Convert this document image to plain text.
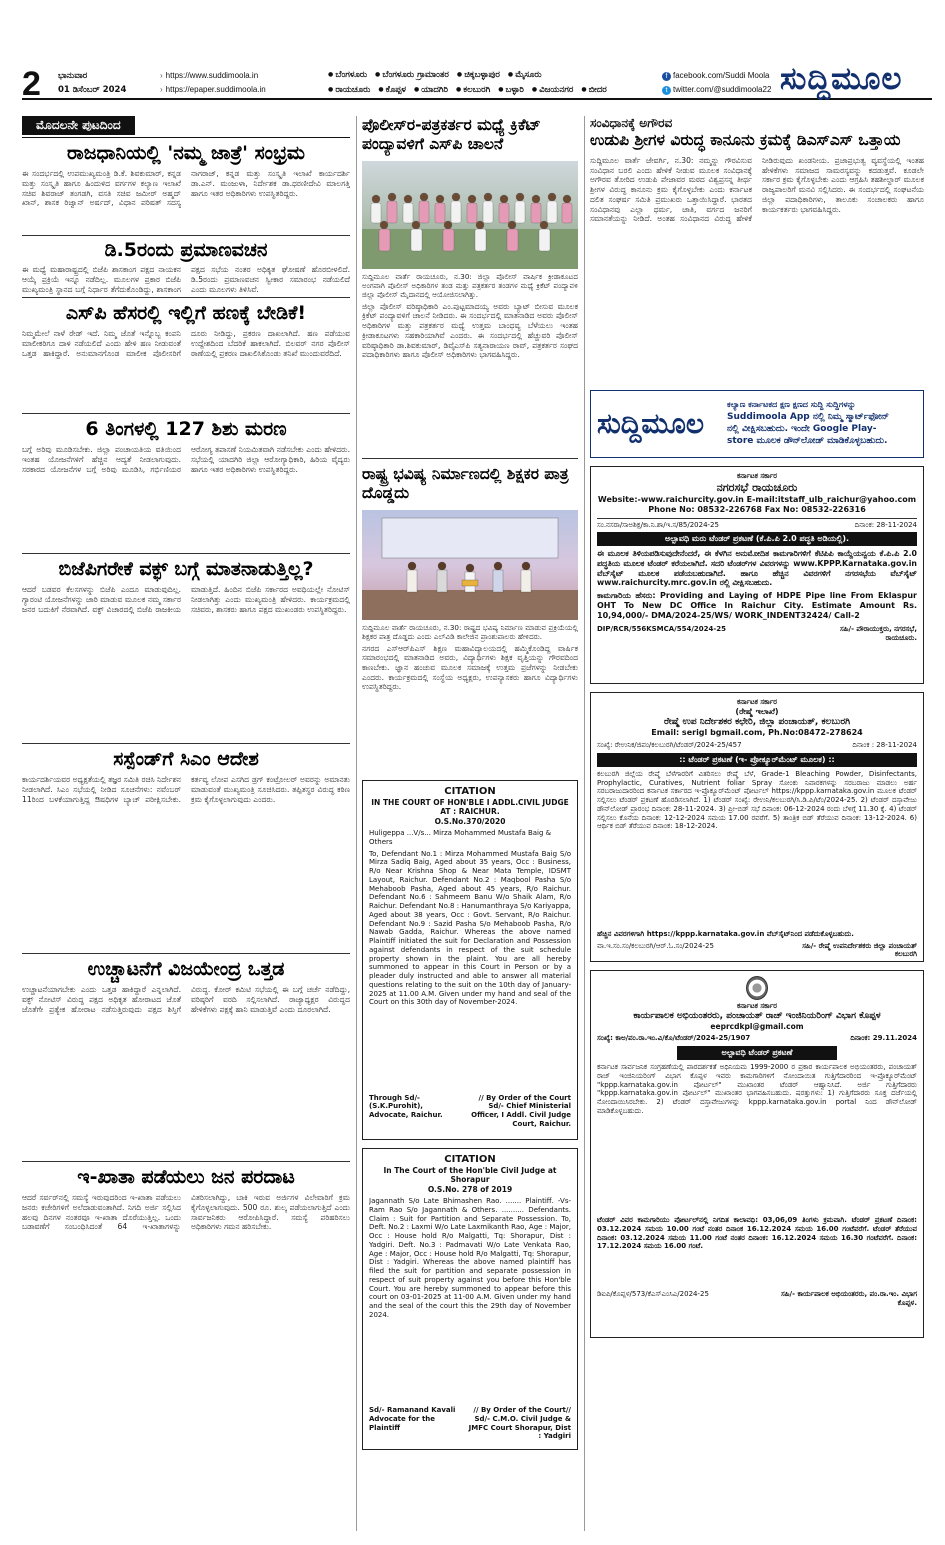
2 ಭಾನುವಾರ
01 ಡಿಸೆಂಬರ್ 2024
› https://www.suddimoola.in
› https://epaper.suddimoola.in
● ಬೆಂಗಳೂರು ● ಬೆಂಗಳೂರು ಗ್ರಾಮಾಂತರ ● ಚಿಕ್ಕಬಳ್ಳಾಪುರ ● ಮೈಸೂರು
● ರಾಯಚೂರು ● ಕೊಪ್ಪಳ ● ಯಾದಗಿರಿ ● ಕಲಬುರಗಿ ● ಬಳ್ಳಾರಿ ● ವಿಜಯನಗರ ● ಬೀದರ
f facebook.com/Suddi Moola
t twitter.com/@suddimoola22 ಸುದ್ದಿಮೂಲ
ಮೊದಲನೇ ಪುಟದಿಂದ
ರಾಜಧಾನಿಯಲ್ಲಿ 'ನಮ್ಮ ಜಾತ್ರೆ' ಸಂಭ್ರಮ
ಈ ಸಂದರ್ಭದಲ್ಲಿ ಉಪಮುಖ್ಯಮಂತ್ರಿ ಡಿ.ಕೆ. ಶಿವಕುಮಾರ್, ಕನ್ನಡ ಮತ್ತು ಸಂಸ್ಕೃತಿ ಹಾಗೂ ಹಿಂದುಳಿದ ವರ್ಗಗಳ ಕಲ್ಯಾಣ ಇಲಾಖೆ ಸಚಿವ ಶಿವರಾಜ್ ತಂಗಡಗಿ, ವಸತಿ ಸಚಿವ ಜಮೀರ್ ಅಹ್ಮದ್ ಖಾನ್, ಶಾಸಕ ರಿಜ್ವಾನ್ ಅರ್ಷದ್, ವಿಧಾನ ಪರಿಷತ್ ಸದಸ್ಯ ನಾಗರಾಜ್, ಕನ್ನಡ ಮತ್ತು ಸಂಸ್ಕೃತಿ ಇಲಾಖೆ ಕಾರ್ಯದರ್ಶಿ ಡಾ.ಎನ್. ಮಂಜುಳಾ, ನಿರ್ದೇಶಕ ಡಾ.ಧರಣೀದೇವಿ ಮಾಲಗತ್ತಿ ಹಾಗೂ ಇತರ ಅಧಿಕಾರಿಗಳು ಉಪಸ್ಥಿತರಿದ್ದರು.
ಡಿ.5ರಂದು ಪ್ರಮಾಣವಚನ
ಈ ಮಧ್ಯೆ ಮಹಾರಾಷ್ಟ್ರದಲ್ಲಿ ಬಿಜೆಪಿ ಶಾಸಕಾಂಗ ಪಕ್ಷದ ನಾಯಕನ ಆಯ್ಕೆ ಪ್ರಕ್ರಿಯೆ ಇನ್ನೂ ನಡೆದಿಲ್ಲ. ಮೂಲಗಳ ಪ್ರಕಾರ ಬಿಜೆಪಿ ಮುಖ್ಯಮಂತ್ರಿ ಸ್ಥಾನದ ಬಗ್ಗೆ ನಿರ್ಧಾರ ತೆಗೆದುಕೊಂಡಿದ್ದು, ಶಾಸಕಾಂಗ ಪಕ್ಷದ ಸಭೆಯ ನಂತರ ಅಧಿಕೃತ ಘೋಷಣೆ ಹೊರಬೀಳಲಿದೆ. ಡಿ.5ರಂದು ಪ್ರಮಾಣವಚನ ಸ್ವೀಕಾರ ಸಮಾರಂಭ ನಡೆಯಲಿದೆ ಎಂದು ಮೂಲಗಳು ತಿಳಿಸಿವೆ.
ಎಸ್‌ಪಿ ಹೆಸರಲ್ಲಿ ಇಲ್ಲಿಗೆ ಹಣಕ್ಕೆ ಬೇಡಿಕೆ!
ನಿಮ್ಮಮೇಲೆ ನಾಳೆ ರೇಡ್ ಇದೆ. ನಿಮ್ಮ ಜೊತೆ ಇನ್ನೊಬ್ಬ ಕಂಪನಿ ಮಾಲೀಕರಿಗೂ ದಾಳಿ ನಡೆಯಲಿದೆ ಎಂದು ಹೇಳಿ ಹಣ ನೀಡುವಂತೆ ಒತ್ತಡ ಹಾಕಿದ್ದಾರೆ. ಅನುಮಾನಗೊಂಡ ಮಾಲೀಕ ಪೊಲೀಸರಿಗೆ ದೂರು ನೀಡಿದ್ದು, ಪ್ರಕರಣ ದಾಖಲಾಗಿದೆ. ಹಣ ಪಡೆಯುವ ಉದ್ದೇಶದಿಂದ ಬೆದರಿಕೆ ಹಾಕಲಾಗಿದೆ. ಬಿಲವರ್ ನಗರ ಪೊಲೀಸ್ ಠಾಣೆಯಲ್ಲಿ ಪ್ರಕರಣ ದಾಖಲಿಸಿಕೊಂಡು ತನಿಖೆ ಮುಂದುವರೆದಿದೆ.
6 ತಿಂಗಳಲ್ಲಿ 127 ಶಿಶು ಮರಣ
ಬಗ್ಗೆ ಅರಿವು ಮೂಡಿಸಬೇಕು. ಜಿಲ್ಲಾ ಪಂಚಾಯತಿಯ ವತಿಯಿಂದ ಇಂತಹ ಯೋಜನೆಗಳಿಗೆ ಹೆಚ್ಚಿನ ಆದ್ಯತೆ ನೀಡಲಾಗುವುದು. ಸರಕಾರದ ಯೋಜನೆಗಳ ಬಗ್ಗೆ ಅರಿವು ಮೂಡಿಸಿ, ಗರ್ಭಿಣಿಯರ ಆರೋಗ್ಯ ತಪಾಸಣೆ ನಿಯಮಿತವಾಗಿ ನಡೆಸಬೇಕು ಎಂದು ಹೇಳಿದರು. ಸಭೆಯಲ್ಲಿ ಯಾದಗಿರಿ ಜಿಲ್ಲಾ ಆರೋಗ್ಯಾಧಿಕಾರಿ, ಹಿರಿಯ ವೈದ್ಯರು ಹಾಗೂ ಇತರ ಅಧಿಕಾರಿಗಳು ಉಪಸ್ಥಿತರಿದ್ದರು.
ಬಿಜೆಪಿಗರೇಕೆ ವಕ್ಫ್ ಬಗ್ಗೆ ಮಾತನಾಡುತ್ತಿಲ್ಲ?
ಆದರೆ ಬಡವರ ಕೆಲಸಗಳನ್ನು ಬಿಜೆಪಿ ಎಂದೂ ಮಾಡುವುದಿಲ್ಲ. ಗ್ಯಾರಂಟಿ ಯೋಜನೆಗಳನ್ನು ಜಾರಿ ಮಾಡುವ ಮೂಲಕ ನಮ್ಮ ಸರ್ಕಾರ ಜನರ ಬದುಕಿಗೆ ನೆರವಾಗಿದೆ. ವಕ್ಫ್ ವಿಚಾರದಲ್ಲಿ ಬಿಜೆಪಿ ರಾಜಕೀಯ ಮಾಡುತ್ತಿದೆ. ಹಿಂದಿನ ಬಿಜೆಪಿ ಸರ್ಕಾರದ ಅವಧಿಯಲ್ಲೇ ನೋಟಿಸ್ ನೀಡಲಾಗಿತ್ತು ಎಂದು ಮುಖ್ಯಮಂತ್ರಿ ಹೇಳಿದರು. ಕಾರ್ಯಕ್ರಮದಲ್ಲಿ ಸಚಿವರು, ಶಾಸಕರು ಹಾಗೂ ಪಕ್ಷದ ಮುಖಂಡರು ಉಪಸ್ಥಿತರಿದ್ದರು.
ಸಸ್ಪೆಂಡ್‌ಗೆ ಸಿಎಂ ಆದೇಶ
ಕಾರ್ಯದರ್ಶಿಯವರ ಅಧ್ಯಕ್ಷತೆಯಲ್ಲಿ ತಜ್ಞರ ಸಮಿತಿ ರಚಿಸಿ ನಿರ್ದೇಶನ ನೀಡಲಾಗಿದೆ. ಸಿಎಂ ಸಭೆಯಲ್ಲಿ ನೀಡಿದ ಸೂಚನೆಗಳು: ನವೆಂಬರ್ 11ರಿಂದ ಬಳಕೆಯಾಗುತ್ತಿದ್ದ ಔಷಧಿಗಳ ಬ್ಯಾಚ್ ಪರೀಕ್ಷಿಸಬೇಕು. ಕರ್ತವ್ಯ ಲೋಪ ಎಸಗಿದ ಡ್ರಗ್ ಕಂಟ್ರೋಲರ್ ಅವರನ್ನು ಅಮಾನತು ಮಾಡುವಂತೆ ಮುಖ್ಯಮಂತ್ರಿ ಸೂಚಿಸಿದರು. ತಪ್ಪಿತಸ್ಥರ ವಿರುದ್ಧ ಕಠಿಣ ಕ್ರಮ ಕೈಗೊಳ್ಳಲಾಗುವುದು ಎಂದರು.
ಉಚ್ಚಾಟನೆಗೆ ವಿಜಯೇಂದ್ರ ಒತ್ತಡ
ಉಚ್ಚಾಟನೆಯಾಗಬೇಕು ಎಂದು ಒತ್ತಡ ಹಾಕಿದ್ದಾರೆ ಎನ್ನಲಾಗಿದೆ. ವಕ್ಫ್ ನೋಟಿಸ್ ವಿರುದ್ಧ ಪಕ್ಷದ ಅಧಿಕೃತ ಹೋರಾಟದ ಜೊತೆ ಜೊತೆಗೇ ಪ್ರತ್ಯೇಕ ಹೋರಾಟ ನಡೆಸುತ್ತಿರುವುದು ಪಕ್ಷದ ಶಿಸ್ತಿಗೆ ವಿರುದ್ಧ. ಕೋರ್ ಕಮಿಟಿ ಸಭೆಯಲ್ಲಿ ಈ ಬಗ್ಗೆ ಚರ್ಚೆ ನಡೆದಿದ್ದು, ವರಿಷ್ಠರಿಗೆ ವರದಿ ಸಲ್ಲಿಸಲಾಗಿದೆ. ರಾಜ್ಯಾಧ್ಯಕ್ಷರ ವಿರುದ್ಧದ ಹೇಳಿಕೆಗಳು ಪಕ್ಷಕ್ಕೆ ಹಾನಿ ಮಾಡುತ್ತಿವೆ ಎಂದು ದೂರಲಾಗಿದೆ.
ಇ-ಖಾತಾ ಪಡೆಯಲು ಜನ ಪರದಾಟ
ಆದರೆ ಸರ್ವರ್‌ನಲ್ಲಿ ಸಮಸ್ಯೆ ಇರುವುದರಿಂದ ಇ-ಖಾತಾ ಪಡೆಯಲು ಜನರು ಕಚೇರಿಗಳಿಗೆ ಅಲೆದಾಡುವಂತಾಗಿದೆ. ನಿಗದಿ ಅರ್ಜಿ ಸಲ್ಲಿಸಿದ ಹಲವು ದಿನಗಳ ನಂತರವೂ ಇ-ಖಾತಾ ದೊರೆಯುತ್ತಿಲ್ಲ. ಒಂದು ಬಡಾವಣೆಗೆ ಸಂಬಂಧಿಸಿದಂತೆ 64 ಇ-ಖಾತಾಗಳನ್ನು ವಿತರಿಸಲಾಗಿದ್ದು, ಬಾಕಿ ಇರುವ ಅರ್ಜಿಗಳ ವಿಲೇವಾರಿಗೆ ಕ್ರಮ ಕೈಗೊಳ್ಳಲಾಗುವುದು. 500 ರೂ. ಶುಲ್ಕ ಪಡೆಯಲಾಗುತ್ತಿದೆ ಎಂದು ಸಾರ್ವಜನಿಕರು ಆರೋಪಿಸಿದ್ದಾರೆ. ಸಮಸ್ಯೆ ಪರಿಹರಿಸಲು ಅಧಿಕಾರಿಗಳು ಗಮನ ಹರಿಸಬೇಕು.
ಪೊಲೀಸ್‌ರ-ಪತ್ರಕರ್ತರ ಮಧ್ಯೆ ಕ್ರಿಕೆಟ್ ಪಂದ್ಯಾವಳಿಗೆ ಎಸ್‌ಪಿ ಚಾಲನೆ
ಸುದ್ದಿಮೂಲ ವಾರ್ತೆ ರಾಯಚೂರು, ನ.30: ಜಿಲ್ಲಾ ಪೊಲೀಸ್ ವಾರ್ಷಿಕ ಕ್ರೀಡಾಕೂಟದ ಅಂಗವಾಗಿ ಪೊಲೀಸ್ ಅಧಿಕಾರಿಗಳ ತಂಡ ಮತ್ತು ಪತ್ರಕರ್ತರ ತಂಡಗಳ ಮಧ್ಯೆ ಕ್ರಿಕೆಟ್ ಪಂದ್ಯಾವಳಿ ಜಿಲ್ಲಾ ಪೊಲೀಸ್ ಮೈದಾನದಲ್ಲಿ ಆಯೋಜಿಸಲಾಗಿತ್ತು.
ಜಿಲ್ಲಾ ಪೊಲೀಸ್ ವರಿಷ್ಠಾಧಿಕಾರಿ ಎಂ.ಪುಟ್ಟಮಾದಯ್ಯ ಅವರು ಬ್ಯಾಟ್ ಬೀಸುವ ಮೂಲಕ ಕ್ರಿಕೆಟ್ ಪಂದ್ಯಾವಳಿಗೆ ಚಾಲನೆ ನೀಡಿದರು. ಈ ಸಂದರ್ಭದಲ್ಲಿ ಮಾತನಾಡಿದ ಅವರು ಪೊಲೀಸ್ ಅಧಿಕಾರಿಗಳ ಮತ್ತು ಪತ್ರಕರ್ತರ ಮಧ್ಯೆ ಉತ್ತಮ ಬಾಂಧವ್ಯ ಬೆಳೆಯಲು ಇಂತಹ ಕ್ರೀಡಾಕೂಟಗಳು ಸಹಕಾರಿಯಾಗಿವೆ ಎಂದರು. ಈ ಸಂದರ್ಭದಲ್ಲಿ ಹೆಚ್ಚುವರಿ ಪೊಲೀಸ್ ವರಿಷ್ಠಾಧಿಕಾರಿ ಡಾ.ಶಿವಕುಮಾರ್, ಡಿವೈಎಸ್‌ಪಿ ಸತ್ಯನಾರಾಯಣ ರಾವ್, ಪತ್ರಕರ್ತರ ಸಂಘದ ಪದಾಧಿಕಾರಿಗಳು ಹಾಗೂ ಪೊಲೀಸ್ ಅಧಿಕಾರಿಗಳು ಭಾಗವಹಿಸಿದ್ದರು.
ರಾಷ್ಟ್ರ ಭವಿಷ್ಯ ನಿರ್ಮಾಣದಲ್ಲಿ ಶಿಕ್ಷಕರ ಪಾತ್ರ ದೊಡ್ಡದು
ಸುದ್ದಿಮೂಲ ವಾರ್ತೆ ರಾಯಚೂರು, ನ.30: ರಾಷ್ಟ್ರದ ಭವಿಷ್ಯ ನಿರ್ಮಾಣ ಮಾಡುವ ಪ್ರಕ್ರಿಯೆಯಲ್ಲಿ ಶಿಕ್ಷಕರ ಪಾತ್ರ ದೊಡ್ಡದು ಎಂದು ಎಲ್‌ವಿಡಿ ಕಾಲೇಜಿನ ಪ್ರಾಂಶುಪಾಲರು ಹೇಳಿದರು.
ನಗರದ ಎಸ್‌ಆರ್‌ಪಿಎಸ್ ಶಿಕ್ಷಣ ಮಹಾವಿದ್ಯಾಲಯದಲ್ಲಿ ಹಮ್ಮಿಕೊಂಡಿದ್ದ ವಾರ್ಷಿಕ ಸಮಾರಂಭದಲ್ಲಿ ಮಾತನಾಡಿದ ಅವರು, ವಿದ್ಯಾರ್ಥಿಗಳು ಶಿಕ್ಷಕ ವೃತ್ತಿಯನ್ನು ಗೌರವದಿಂದ ಕಾಣಬೇಕು. ಜ್ಞಾನ ಹಂಚುವ ಮೂಲಕ ಸಮಾಜಕ್ಕೆ ಉತ್ತಮ ಪ್ರಜೆಗಳನ್ನು ನೀಡಬೇಕು ಎಂದರು. ಕಾರ್ಯಕ್ರಮದಲ್ಲಿ ಸಂಸ್ಥೆಯ ಅಧ್ಯಕ್ಷರು, ಉಪನ್ಯಾಸಕರು ಹಾಗೂ ವಿದ್ಯಾರ್ಥಿಗಳು ಉಪಸ್ಥಿತರಿದ್ದರು.
CITATION
IN THE COURT OF HON'BLE I ADDL.CIVIL JUDGE AT : RAICHUR.
O.S.No.370/2020
Huligeppa ...V/s... Mirza Mohammed Mustafa Baig & Others
To, Defendant No.1 : Mirza Mohammed Mustafa Baig S/o Mirza Sadiq Baig, Aged about 35 years, Occ : Business, R/o Near Krishna Shop & Near Mata Temple, IDSMT Layout, Raichur. Defendant No.2 : Maqbool Pasha S/o Mehaboob Pasha, Aged about 45 years, R/o Raichur. Defendant No.6 : Sahmeem Banu W/o Shaik Alam, R/o Raichur. Defendant No.8 : Hanumanthraya S/o Kariyappa, Aged about 38 years, Occ : Govt. Servant, R/o Raichur. Defendant No.9 : Sazid Pasha S/o Mehaboob Pasha, R/o Nawab Gadda, Raichur. Whereas the above named Plaintiff initiated the suit for Declaration and Possession against defendants in respect of the suit schedule property shown in the plaint. You are all hereby summoned to appear in this Court in Person or by a pleader duly instructed and able to answer all material questions relating to the suit on the 10th day of January-2025 at 11.00 A.M. Given under my hand and seal of the Court on this 30th day of November-2024.
Through Sd/- (S.K.Purohit), Advocate, Raichur.
// By Order of the Court Sd/- Chief Ministerial Officer, I Addl. Civil Judge Court, Raichur.
CITATION
In The Court of the Hon'ble Civil Judge at Shorapur
O.S.No. 278 of 2019
Jagannath S/o Late Bhimashen Rao. ....... Plaintiff. -Vs- Ram Rao S/o Jagannath & Others. .......... Defendants. Claim : Suit for Partition and Separate Possession. To, Deft. No.2 : Laxmi W/o Late Laxmikanth Rao, Age : Major, Occ : House hold R/o Malgatti, Tq: Shorapur, Dist : Yadgiri. Deft. No.3 : Padmavati W/o Late Venkata Rao, Age : Major, Occ : House hold R/o Malgatti, Tq: Shorapur, Dist : Yadgiri. Whereas the above named plaintiff has filed the suit for partition and separate possession in respect of suit property against you before this Hon'ble Court. You are hereby summoned to appear before this court on 03-01-2025 at 11-00 A.M. Given under my hand and the seal of the court this the 29th day of November 2024.
Sd/- Ramanand Kavali Advocate for the Plaintiff
// By Order of the Court// Sd/- C.M.O. Civil Judge & JMFC Court Shorapur, Dist : Yadgiri
ಸಂವಿಧಾನಕ್ಕೆ ಅಗೌರವ
ಉಡುಪಿ ಶ್ರೀಗಳ ವಿರುದ್ಧ ಕಾನೂನು ಕ್ರಮಕ್ಕೆ ಡಿಎಸ್‌ಎಸ್ ಒತ್ತಾಯ
ಸುದ್ದಿಮೂಲ ವಾರ್ತೆ ಜೇವರ್ಗಿ, ನ.30: ನಮ್ಮನ್ನು ಗೌರವಿಸುವ ಸಂವಿಧಾನ ಬರಲಿ ಎಂದು ಹೇಳಿಕೆ ನೀಡುವ ಮೂಲಕ ಸಂವಿಧಾನಕ್ಕೆ ಅಗೌರವ ತೋರಿದ ಉಡುಪಿ ಪೇಜಾವರ ಮಠದ ವಿಶ್ವಪ್ರಸನ್ನ ತೀರ್ಥ ಶ್ರೀಗಳ ವಿರುದ್ಧ ಕಾನೂನು ಕ್ರಮ ಕೈಗೊಳ್ಳಬೇಕು ಎಂದು ಕರ್ನಾಟಕ ದಲಿತ ಸಂಘರ್ಷ ಸಮಿತಿ ಪ್ರಮುಖರು ಒತ್ತಾಯಿಸಿದ್ದಾರೆ. ಭಾರತದ ಸಂವಿಧಾನವು ಎಲ್ಲಾ ಧರ್ಮ, ಜಾತಿ, ವರ್ಗದ ಜನರಿಗೆ ಸಮಾನತೆಯನ್ನು ನೀಡಿದೆ. ಅಂತಹ ಸಂವಿಧಾನದ ವಿರುದ್ಧ ಹೇಳಿಕೆ ನೀಡಿರುವುದು ಖಂಡನೀಯ. ಪ್ರಜಾಪ್ರಭುತ್ವ ವ್ಯವಸ್ಥೆಯಲ್ಲಿ ಇಂತಹ ಹೇಳಿಕೆಗಳು ಸಮಾಜದ ಸಾಮರಸ್ಯವನ್ನು ಕದಡುತ್ತವೆ. ಕೂಡಲೇ ಸರ್ಕಾರ ಕ್ರಮ ಕೈಗೊಳ್ಳಬೇಕು ಎಂದು ಆಗ್ರಹಿಸಿ ತಹಶೀಲ್ದಾರ್ ಮೂಲಕ ರಾಜ್ಯಪಾಲರಿಗೆ ಮನವಿ ಸಲ್ಲಿಸಿದರು. ಈ ಸಂದರ್ಭದಲ್ಲಿ ಸಂಘಟನೆಯ ಜಿಲ್ಲಾ ಪದಾಧಿಕಾರಿಗಳು, ತಾಲೂಕು ಸಂಚಾಲಕರು ಹಾಗೂ ಕಾರ್ಯಕರ್ತರು ಭಾಗವಹಿಸಿದ್ದರು.
ಸುದ್ದಿಮೂಲ
ಕಲ್ಯಾಣ ಕರ್ನಾಟಕದ ಕ್ಷಣ ಕ್ಷಣದ ಸುದ್ದಿ ಸುದ್ದಿಗಳನ್ನು
Suddimoola App ನಲ್ಲಿ ನಿಮ್ಮ ಸ್ಮಾರ್ಟ್‌ಫೋನ್
ನಲ್ಲಿ ವೀಕ್ಷಿಸಬಹುದು. ಇಂದೇ Google Play-
store ಮೂಲಕ ಡೌನ್‌ಲೋಡ್ ಮಾಡಿಕೊಳ್ಳಬಹುದು.
ಕರ್ನಾಟಕ ಸರ್ಕಾರ
ನಗರಸಭೆ ರಾಯಚೂರು
Website:-www.raichurcity.gov.in E-mail:itstaff_ulb_raichur@yahoo.com
Phone No: 08532-226768 Fax No: 08532-226316
ಸಂ.ನಸರಾ/ಸಾಅಶಿಕ್ಷ/ಕಾ.ನಿ.ಶಾ/ಇ.ಸ/85/2024-25	ದಿನಾಂಕ: 28-11-2024
ಅಲ್ಪಾವಧಿ ಮರು ಟೆಂಡರ್ ಪ್ರಕಟಣೆ (ಕೆ.ಪಿ.ಪಿ 2.0 ಪದ್ಧತಿ ಅಡಿಯಲ್ಲಿ).
ಈ ಮೂಲಕ ತಿಳಿಯಪಡಿಸುವುದೇನೆಂದರೆ, ಈ ಕೆಳಗಿನ ಅನುಮೋದಿತ ಕಾಮಗಾರಿಗಳಿಗೆ ಕೆಟಿಪಿಪಿ ಕಾಯ್ದೆಯನ್ವಯ ಕೆ.ಪಿ.ಪಿ 2.0 ಪದ್ಧತಿಯ ಮೂಲಕ ಟೆಂಡರ್ ಕರೆಯಲಾಗಿದೆ. ಸದರಿ ಟೆಂಡರ್‌ಗಳ ವಿವರಗಳನ್ನು www.KPPP.Karnataka.gov.in ವೆಬ್‌ಸೈಟ್ ಮೂಲಕ ಪಡೆಯಬಹುದಾಗಿದೆ. ಹಾಗೂ ಹೆಚ್ಚಿನ ವಿವರಗಳಿಗೆ ನಗರಸಭೆಯ ವೆಬ್‌ಸೈಟ್ www.raichurcity.mrc.gov.in ರಲ್ಲಿ ವೀಕ್ಷಿಸಬಹುದು.
ಕಾಮಗಾರಿಯ ಹೆಸರು: Providing and Laying of HDPE Pipe line From Eklaspur OHT To New DC Office In Raichur City. Estimate Amount Rs. 10,94,000/- DMA/2024-25/WS/ WORK_INDENT32424/ Call-2
DIP/RCR/556KSMCA/554/2024-25	ಸಹಿ/- ಪೌರಾಯುಕ್ತರು, ನಗರಸಭೆ, ರಾಯಚೂರು.
ಕರ್ನಾಟಕ ಸರ್ಕಾರ
(ರೇಷ್ಮೆ ಇಲಾಖೆ)
ರೇಷ್ಮೆ ಉಪ ನಿರ್ದೇಶಕರ ಕಛೇರಿ, ಜಿಲ್ಲಾ ಪಂಚಾಯತ್, ಕಲಬುರಗಿ
Email: serigl bgmail.com, Ph.No:08472-278624
ಸಂಖ್ಯೆ: ರೇಉನಿಕ/ಜಿಪಂ/ಕಲಬುರಗಿ/ಟೆಂಡರ್/2024-25/457	ದಿನಾಂಕ : 28-11-2024
:: ಟೆಂಡರ್ ಪ್ರಕಟಣೆ (ಇ- ಪ್ರೋಕ್ಯೂರ್‌ಮೆಂಟ್ ಮೂಲಕ) ::
ಕಲಬುರಗಿ ಜಿಲ್ಲೆಯ ರೇಷ್ಮೆ ಬೆಳೆಗಾರರಿಗೆ ವಿತರಿಸಲು ರೇಷ್ಮೆ ಬೆಳೆ, Grade-1 Bleaching Powder, Disinfectants, Prophylactic, Curatives, Nutrient foliar Spray ಸೋಂಕು ನಿವಾರಕಗಳನ್ನು ಸರಬರಾಜು ಮಾಡಲು ಅರ್ಹ ಸರಬರಾಜುದಾರರಿಂದ ಕರ್ನಾಟಕ ಸರ್ಕಾರದ ಇ-ಪ್ರೊಕ್ಯೂರ್‌ಮೆಂಟ್ ಪೋರ್ಟಲ್ https://kppp.karnataka.gov.in ಮೂಲಕ ಟೆಂಡರ್ ಸಲ್ಲಿಸಲು ಟೆಂಡರ್ ಪ್ರಕಟಣೆ ಹೊರಡಿಸಲಾಗಿದೆ. 1) ಟೆಂಡರ್ ಸಂಖ್ಯೆ: ರೇಉನಿ/ಕಲಬುರಗಿ/ಸಿ.ಡಿ.ಪಿ/ಟೆಂ/2024-25. 2) ಟೆಂಡರ್ ದಸ್ತಾವೇಜು ಡೌನ್‌ಲೋಡ್ ಪ್ರಾರಂಭ ದಿನಾಂಕ: 28-11-2024. 3) ಪ್ರೀ-ಬಿಡ್ ಸಭೆ ದಿನಾಂಕ: 06-12-2024 ರಂದು ಬೆಳಿಗ್ಗೆ 11.30 ಕ್ಕೆ. 4) ಟೆಂಡರ್ ಸಲ್ಲಿಸಲು ಕೊನೆಯ ದಿನಾಂಕ: 12-12-2024 ಸಮಯ 17.00 ರವರೆಗೆ. 5) ತಾಂತ್ರಿಕ ಬಿಡ್ ತೆರೆಯುವ ದಿನಾಂಕ: 13-12-2024. 6) ಆರ್ಥಿಕ ಬಿಡ್ ತೆರೆಯುವ ದಿನಾಂಕ: 18-12-2024.
ಹೆಚ್ಚಿನ ವಿವರಗಳಿಗಾಗಿ https://kppp.karnataka.gov.in ವೆಬ್‌ಸೈಟ್‌ನಿಂದ ಪಡೆದುಕೊಳ್ಳಬಹುದು.
ವಾ.ಇ.ಸಂ.ಸಂ/ಕಲಬುರಗಿ/ಆರ್.ಓ.ಸಂ/2024-25	ಸಹಿ/- ರೇಷ್ಮೆ ಉಪನಿರ್ದೇಶಕರು ಜಿಲ್ಲಾ ಪಂಚಾಯತ್ ಕಲಬುರಗಿ
ಕರ್ನಾಟಕ ಸರ್ಕಾರ
ಕಾರ್ಯಪಾಲಕ ಅಭಿಯಂತರರು, ಪಂಚಾಯತ್ ರಾಜ್ ಇಂಜಿನಿಯರಿಂಗ್ ವಿಭಾಗ ಕೊಪ್ಪಳ
eeprcdkpl@gmail.com
ಸಂಖ್ಯೆ: ಕಾಅ/ಪಂ.ರಾ.ಇಂ.ವಿ/ಕೊ/ಟೆಂಡರ್/2024-25/1907	ದಿನಾಂಕ: 29.11.2024
ಅಲ್ಪಾವಧಿ ಟೆಂಡರ್ ಪ್ರಕಟಣೆ
ಕರ್ನಾಟಕ ಸಾರ್ವಜನಿಕ ಸಂಗ್ರಹಣೆಯಲ್ಲಿ ಪಾರದರ್ಶಕತೆ ಅಧಿನಿಯಮ 1999-2000 ರ ಪ್ರಕಾರ ಕಾರ್ಯಪಾಲಕ ಅಭಿಯಂತರರು, ಪಂಚಾಯತ್ ರಾಜ್ ಇಂಜಿನಿಯರಿಂಗ್ ವಿಭಾಗ ಕೊಪ್ಪಳ ಇವರು ಕಾಮಗಾರಿಗಳಿಗೆ ನೋಂದಾಯಿತ ಗುತ್ತಿಗೆದಾರರಿಂದ ಇ-ಪ್ರೊಕ್ಯೂರ್‌ಮೆಂಟ್ "kppp.karnataka.gov.in ಪೋರ್ಟಲ್" ಮುಖಾಂತರ ಟೆಂಡರ್ ಆಹ್ವಾನಿಸಿದೆ. ಅರ್ಜಿ ಗುತ್ತಿಗೆದಾರರು "kppp.karnataka.gov.in ಪೋರ್ಟಲ್" ಮುಖಾಂತರ ಭಾಗವಹಿಸಬಹುದು. ಷರತ್ತುಗಳು: 1) ಗುತ್ತಿಗೆದಾರರು ಸೂಕ್ತ ದರ್ಜೆಯಲ್ಲಿ ನೋಂದಾಯಿಸಿರಬೇಕು. 2) ಟೆಂಡರ್ ದಸ್ತಾವೇಜುಗಳನ್ನು kppp.karnataka.gov.in portal ನಿಂದ ಡೌನ್‌ಲೋಡ್ ಮಾಡಿಕೊಳ್ಳಬಹುದು.
ಟೆಂಡರ್ ವಿವರ ಕಾಮಗಾರಿಯು ಪೋರ್ಟಲ್‌ನಲ್ಲಿ ನಿಗದಿತ ಕಾಲಾವಧಿ: 03,06,09 ತಿಂಗಳು ಕ್ರಮವಾಗಿ. ಟೆಂಡರ್ ಪ್ರಕಟಣೆ ದಿನಾಂಕ: 03.12.2024 ಸಮಯ 10.00 ಗಂಟೆ ನಂತರ ದಿನಾಂಕ 16.12.2024 ಸಮಯ 16.00 ಗಂಟೆವರೆಗೆ. ಟೆಂಡರ್ ತೆರೆಯುವ ದಿನಾಂಕ: 03.12.2024 ಸಮಯ 11.00 ಗಂಟೆ ನಂತರ ದಿನಾಂಕ: 16.12.2024 ಸಮಯ 16.30 ಗಂಟೆವರೆಗೆ. ದಿನಾಂಕ: 17.12.2024 ಸಮಯ 16.00 ಗಂಟೆ.
ಡಿಐಪಿ/ಕೊಪ್ಪಳ/573/ಕೆಎಸ್‌ಎಂಸಿಎ/2024-25	ಸಹಿ/- ಕಾರ್ಯಪಾಲಕ ಅಭಿಯಂತರರು, ಪಂ.ರಾ.ಇಂ. ವಿಭಾಗ ಕೊಪ್ಪಳ.
